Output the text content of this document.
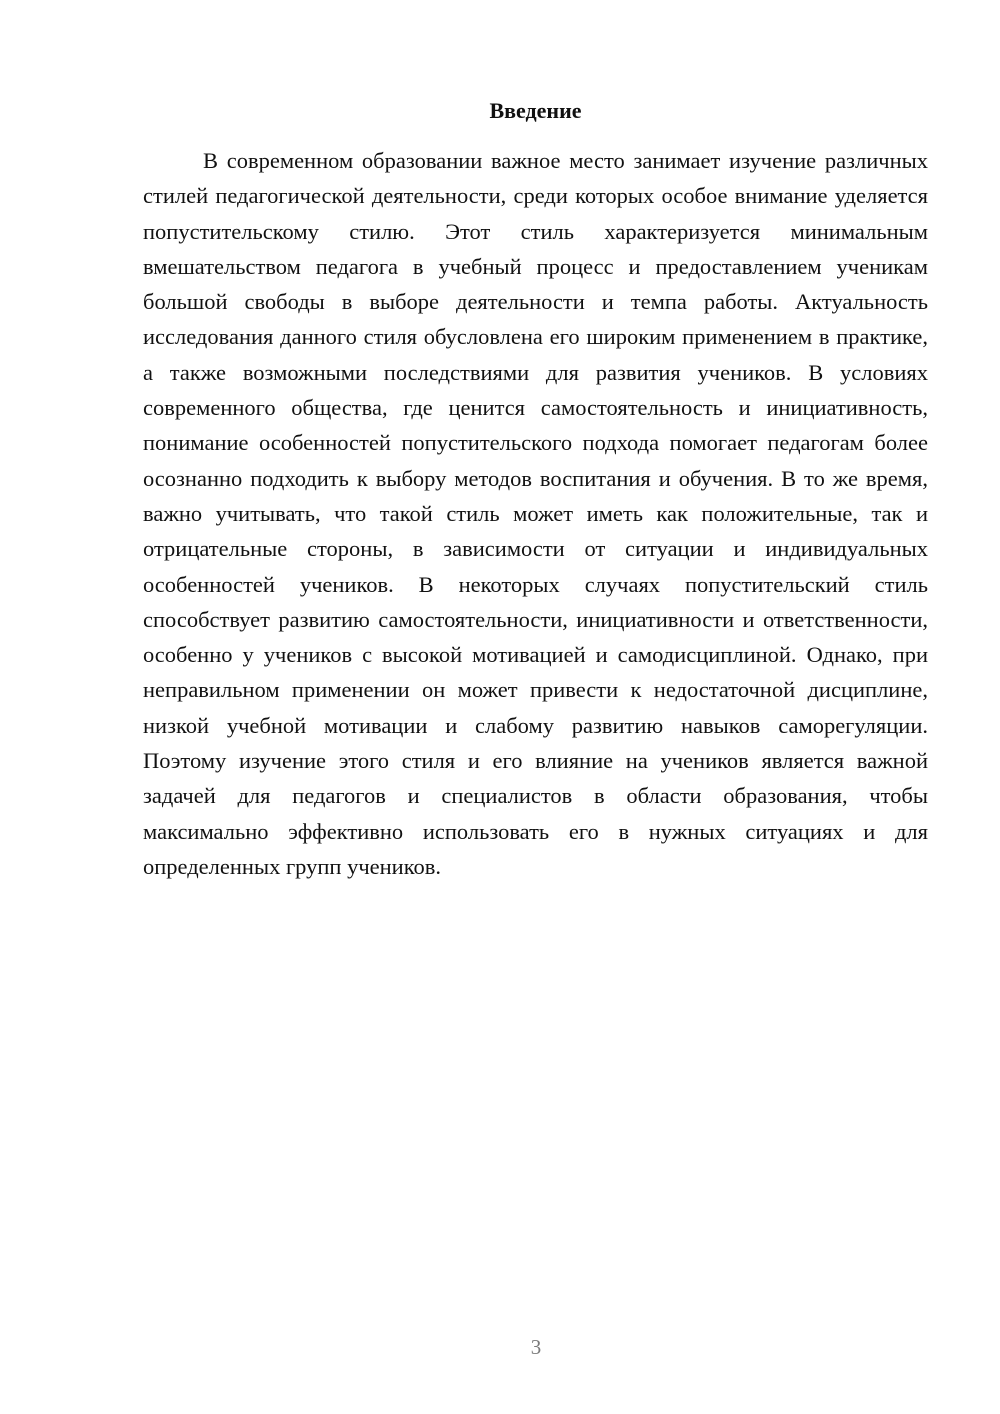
Введение

В современном образовании важное место занимает изучение различных стилей педагогической деятельности, среди которых особое внимание уделяется попустительскому стилю. Этот стиль характеризуется минимальным вмешательством педагога в учебный процесс и предоставлением ученикам большой свободы в выборе деятельности и темпа работы. Актуальность исследования данного стиля обусловлена его широким применением в практике, а также возможными последствиями для развития учеников. В условиях современного общества, где ценится самостоятельность и инициативность, понимание особенностей попустительского подхода помогает педагогам более осознанно подходить к выбору методов воспитания и обучения. В то же время, важно учитывать, что такой стиль может иметь как положительные, так и отрицательные стороны, в зависимости от ситуации и индивидуальных особенностей учеников. В некоторых случаях попустительский стиль способствует развитию самостоятельности, инициативности и ответственности, особенно у учеников с высокой мотивацией и самодисциплиной. Однако, при неправильном применении он может привести к недостаточной дисциплине, низкой учебной мотивации и слабому развитию навыков саморегуляции. Поэтому изучение этого стиля и его влияние на учеников является важной задачей для педагогов и специалистов в области образования, чтобы максимально эффективно использовать его в нужных ситуациях и для определенных групп учеников.

3
